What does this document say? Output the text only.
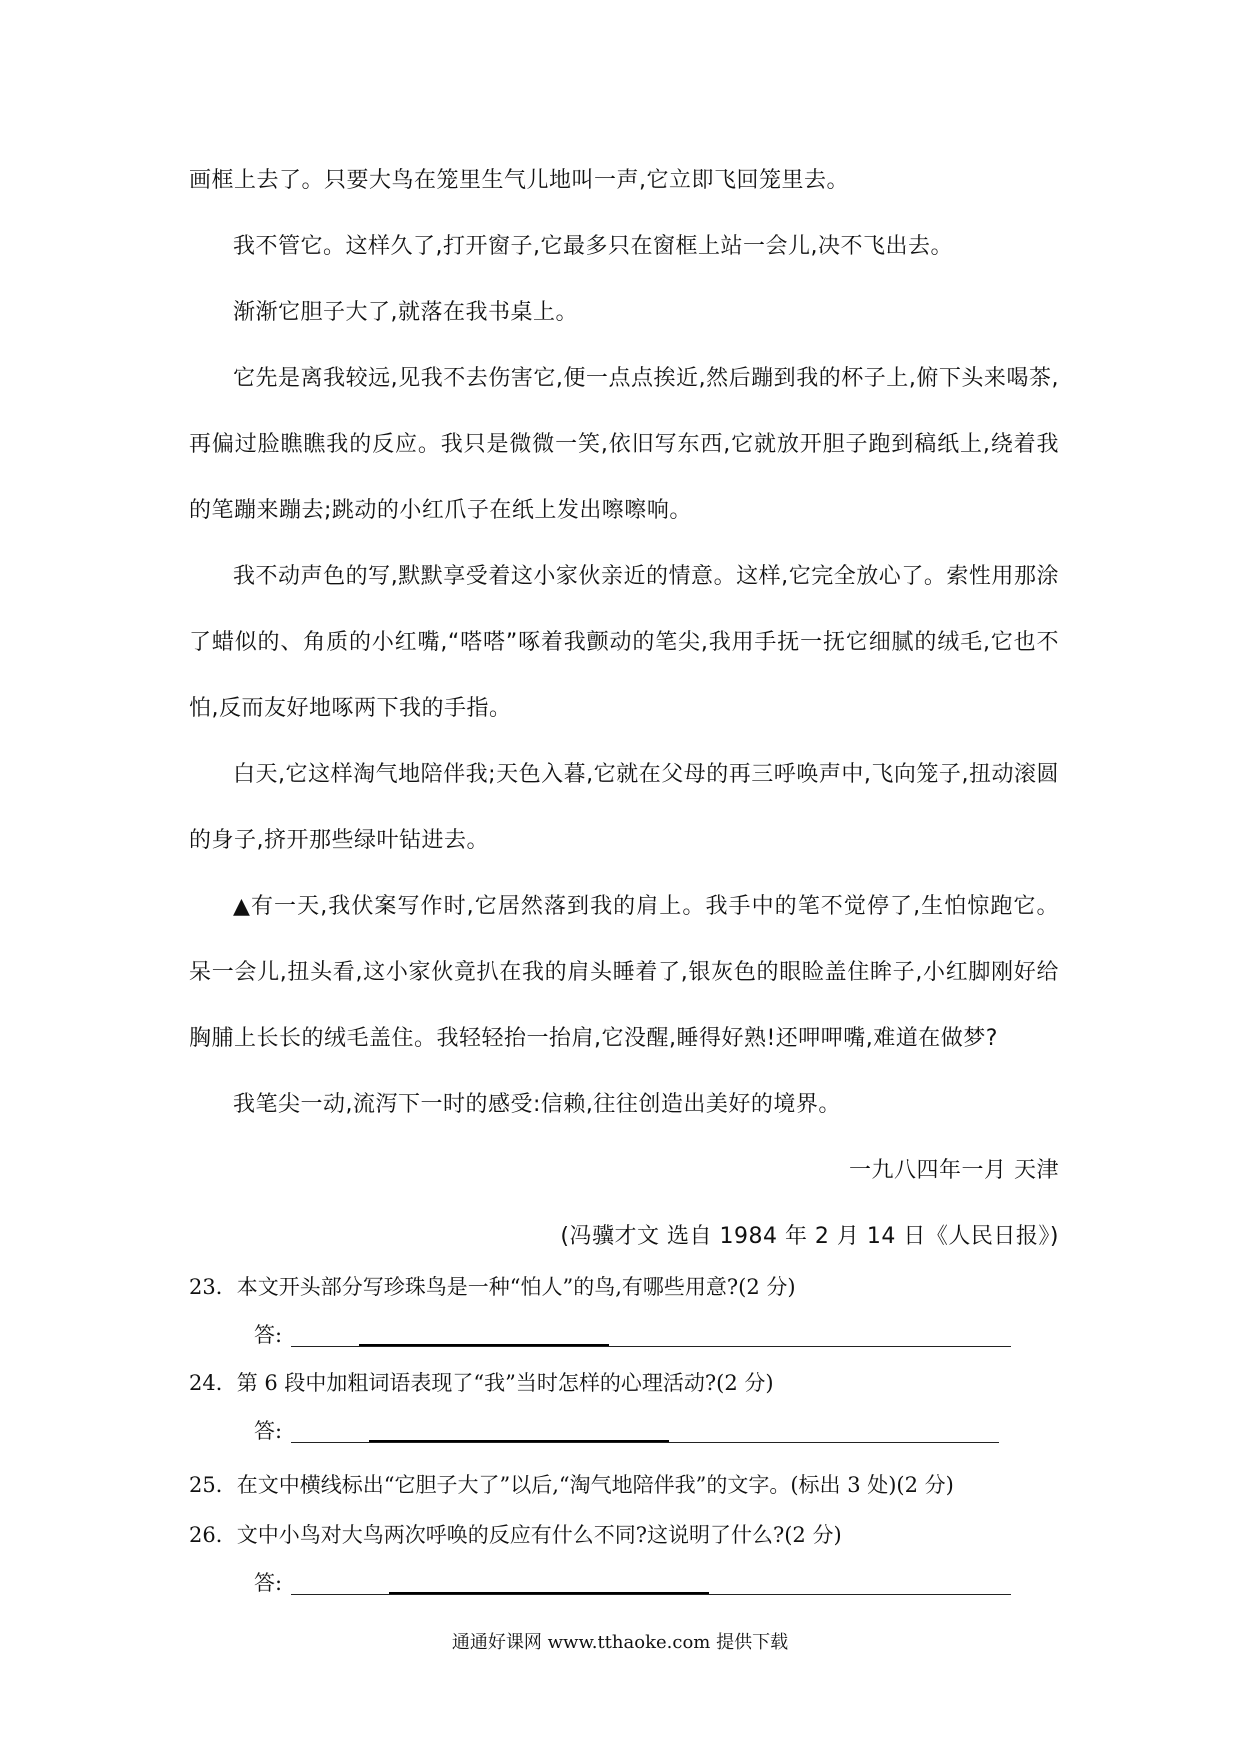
画框上去了。只要大鸟在笼里生气儿地叫一声,它立即飞回笼里去。

我不管它。这样久了,打开窗子,它最多只在窗框上站一会儿,决不飞出去。

渐渐它胆子大了,就落在我书桌上。

它先是离我较远,见我不去伤害它,便一点点挨近,然后蹦到我的杯子上,俯下头来喝茶,再偏过脸瞧瞧我的反应。我只是微微一笑,依旧写东西,它就放开胆子跑到稿纸上,绕着我的笔蹦来蹦去;跳动的小红爪子在纸上发出嚓嚓响。

我不动声色的写,默默享受着这小家伙亲近的情意。这样,它完全放心了。索性用那涂了蜡似的、角质的小红嘴,“嗒嗒”啄着我颤动的笔尖,我用手抚一抚它细腻的绒毛,它也不怕,反而友好地啄两下我的手指。

白天,它这样淘气地陪伴我;天色入暮,它就在父母的再三呼唤声中,飞向笼子,扭动滚圆的身子,挤开那些绿叶钻进去。

▲有一天,我伏案写作时,它居然落到我的肩上。我手中的笔不觉停了,生怕惊跑它。呆一会儿,扭头看,这小家伙竟扒在我的肩头睡着了,银灰色的眼睑盖住眸子,小红脚刚好给胸脯上长长的绒毛盖住。我轻轻抬一抬肩,它没醒,睡得好熟!还呷呷嘴,难道在做梦?

我笔尖一动,流泻下一时的感受:信赖,往往创造出美好的境界。

一九八四年一月 天津

(冯骥才文 选自 1984 年 2 月 14 日《人民日报》)

23．本文开头部分写珍珠鸟是一种“怕人”的鸟,有哪些用意?(2 分)
答:
24．第 6 段中加粗词语表现了“我”当时怎样的心理活动?(2 分)
答:
25．在文中横线标出“它胆子大了”以后,“淘气地陪伴我”的文字。(标出 3 处)(2 分)
26．文中小鸟对大鸟两次呼唤的反应有什么不同?这说明了什么?(2 分)
答:
通通好课网 www.tthaoke.com 提供下载
